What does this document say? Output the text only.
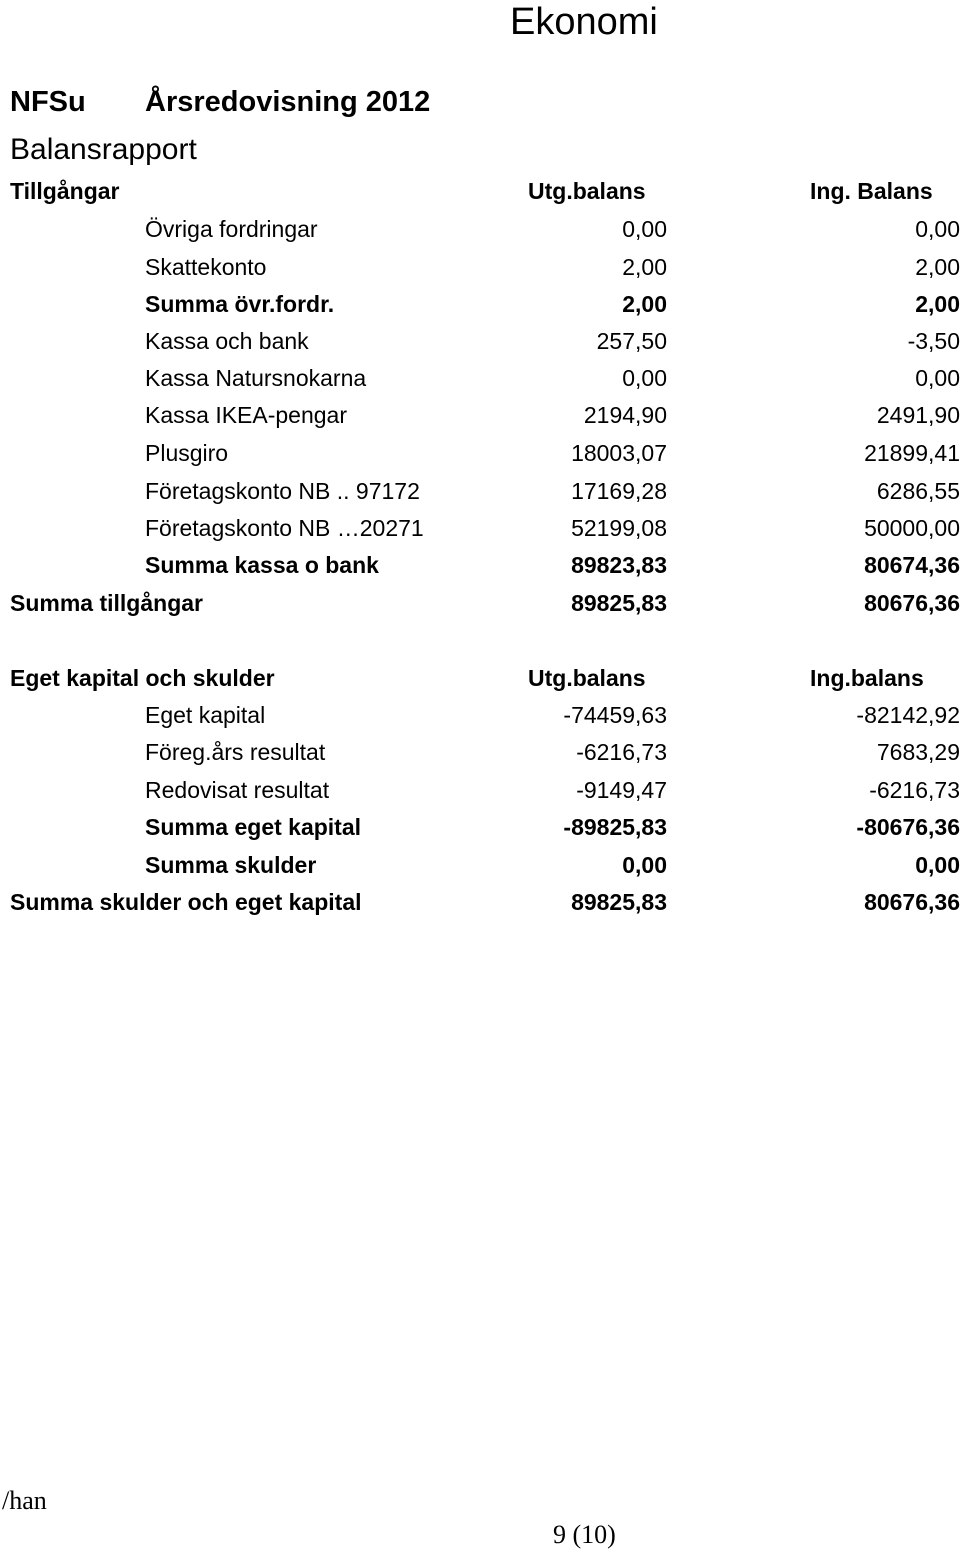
Ekonomi
NFSu Årsredovisning 2012
Balansrapport
Tillgångar	Utg.balans	Ing. Balans
Övriga fordringar	0,00	0,00
Skattekonto	2,00	2,00
Summa övr.fordr.	2,00	2,00
Kassa och bank	257,50	-3,50
Kassa Natursnokarna	0,00	0,00
Kassa IKEA-pengar	2194,90	2491,90
Plusgiro	18003,07	21899,41
Företagskonto NB .. 97172	17169,28	6286,55
Företagskonto NB …20271	52199,08	50000,00
Summa kassa o bank	89823,83	80674,36
Summa tillgångar	89825,83	80676,36
Eget kapital och skulder	Utg.balans	Ing.balans
Eget kapital	-74459,63	-82142,92
Föreg.års resultat	-6216,73	7683,29
Redovisat resultat	-9149,47	-6216,73
Summa eget kapital	-89825,83	-80676,36
Summa skulder	0,00	0,00
Summa skulder och eget kapital	89825,83	80676,36
/han
9 (10)
